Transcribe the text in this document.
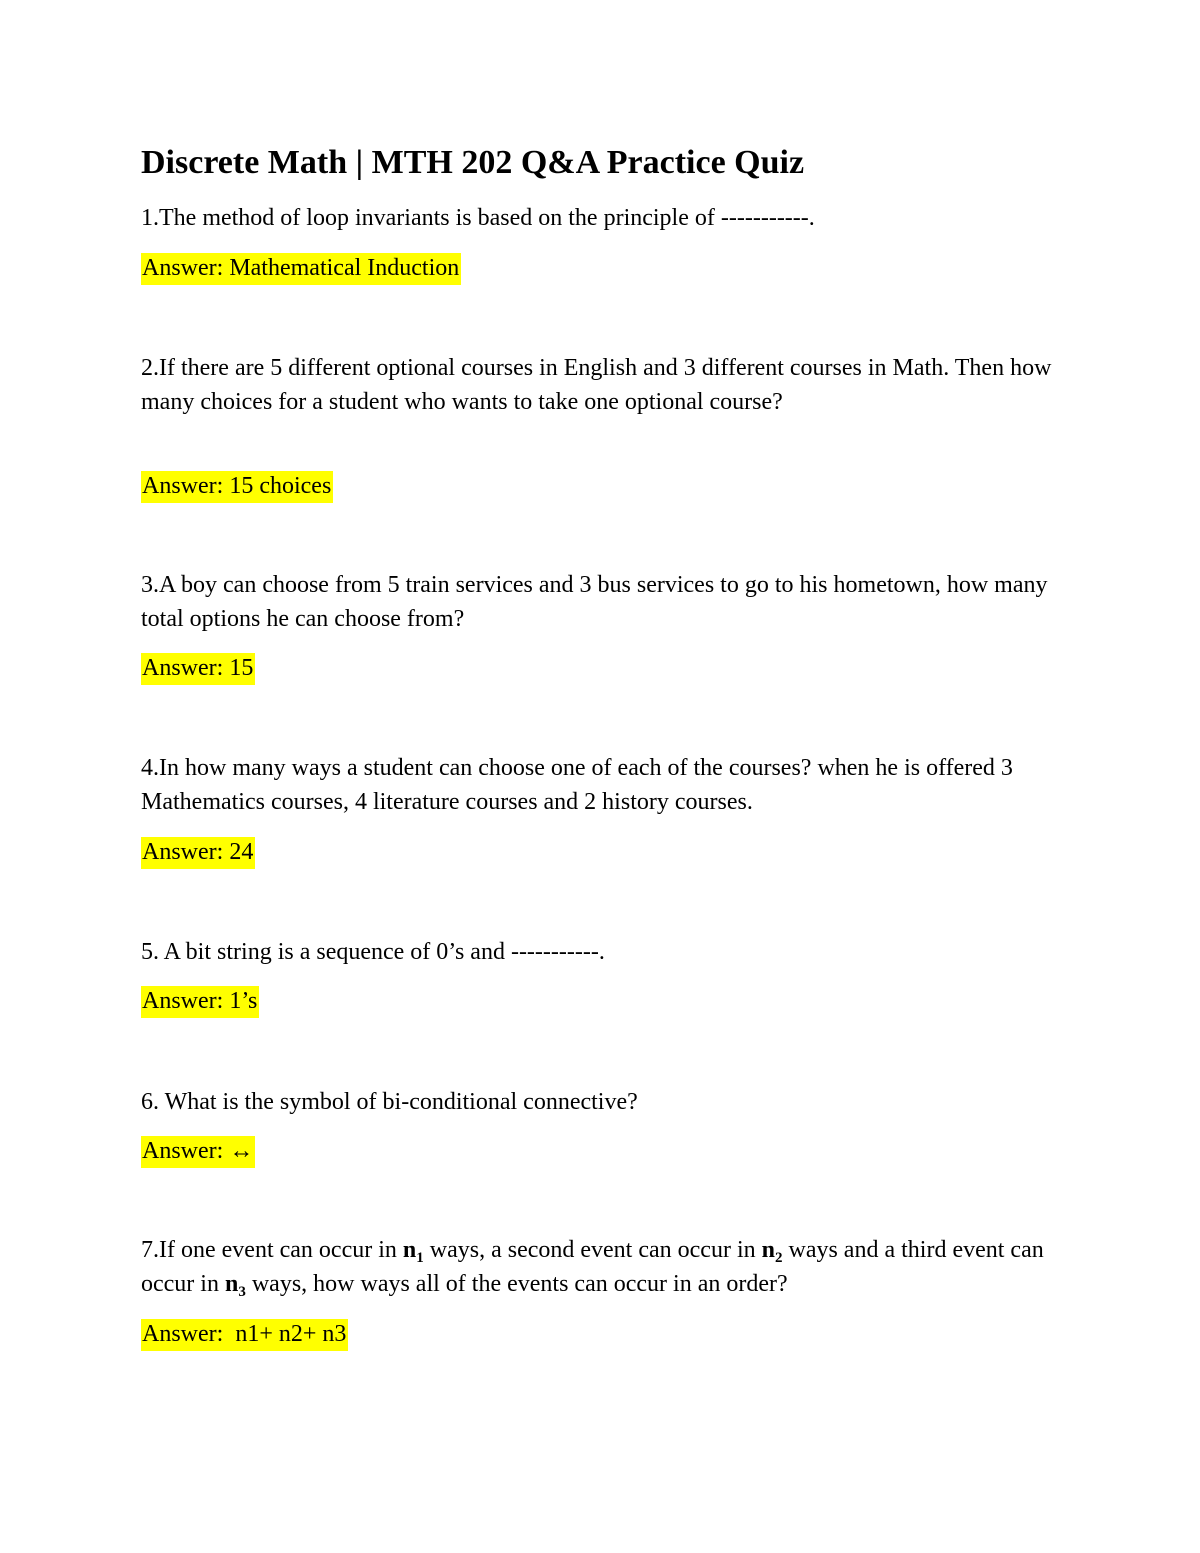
Discrete Math | MTH 202 Q&A Practice Quiz

1.The method of loop invariants is based on the principle of -----------.

Answer: Mathematical Induction

2.If there are 5 different optional courses in English and 3 different courses in Math. Then how many choices for a student who wants to take one optional course?

Answer: 15 choices

3.A boy can choose from 5 train services and 3 bus services to go to his hometown, how many total options he can choose from?

Answer: 15

4.In how many ways a student can choose one of each of the courses? when he is offered 3 Mathematics courses, 4 literature courses and 2 history courses.

Answer: 24

5. A bit string is a sequence of 0’s and -----------.

Answer: 1’s

6. What is the symbol of bi-conditional connective?

Answer: ↔

7.If one event can occur in $n_1$ ways, a second event can occur in $n_2$ ways and a third event can occur in $n_3$ ways, how ways all of the events can occur in an order?

Answer:  n1+ n2+ n3
